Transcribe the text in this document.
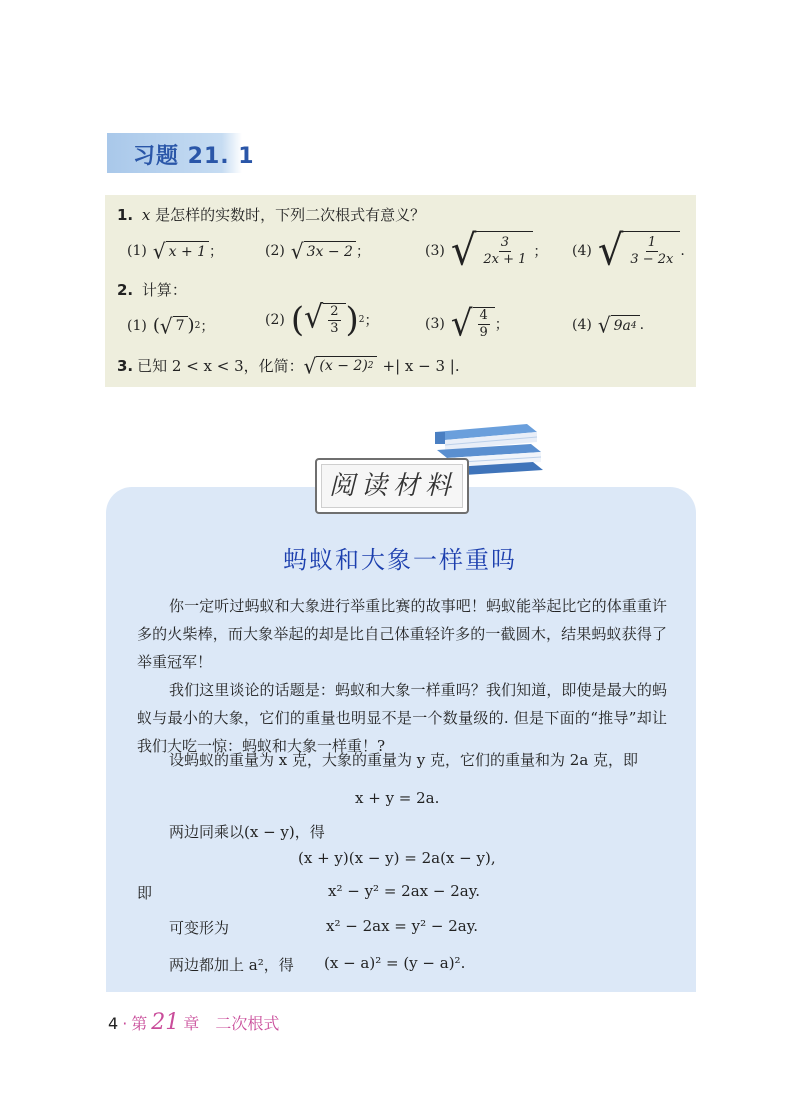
习题 21. 1
1. x 是怎样的实数时，下列二次根式有意义？
(1) √ x + 1 ；	(2) √ 3x − 2 ；	(3) √ $\frac{3}{2x + 1}$ ； (4) √ $\frac{1}{3 - 2x}$ .
2. 计算：
(1) ( √ 7 ) 2 ；	(2) ( √ $\frac{2}{3}$ ) 2 ；	(3) √ $\frac{4}{9}$ ；	(4) √ 9a 4 .
3. 已知 2 < x < 3，化简： √ (x − 2) 2 +| x − 3 |.
阅读材料
蚂蚁和大象一样重吗
你一定听过蚂蚁和大象进行举重比赛的故事吧！蚂蚁能举起比它的体重重许多的火柴棒，而大象举起的却是比自己体重轻许多的一截圆木，结果蚂蚁获得了举重冠军！
我们这里谈论的话题是：蚂蚁和大象一样重吗？我们知道，即使是最大的蚂蚁与最小的大象，它们的重量也明显不是一个数量级的. 但是下面的“推导”却让我们大吃一惊：蚂蚁和大象一样重！?
设蚂蚁的重量为 x 克，大象的重量为 y 克，它们的重量和为 2a 克，即
x + y = 2a.
两边同乘以(x − y)，得
(x + y)(x − y) = 2a(x − y),
即	x² − y² = 2ax − 2ay.
可变形为	x² − 2ax = y² − 2ay.
两边都加上 a²，得 (x − a)² = (y − a)².
4 · 第 21 章 二次根式
